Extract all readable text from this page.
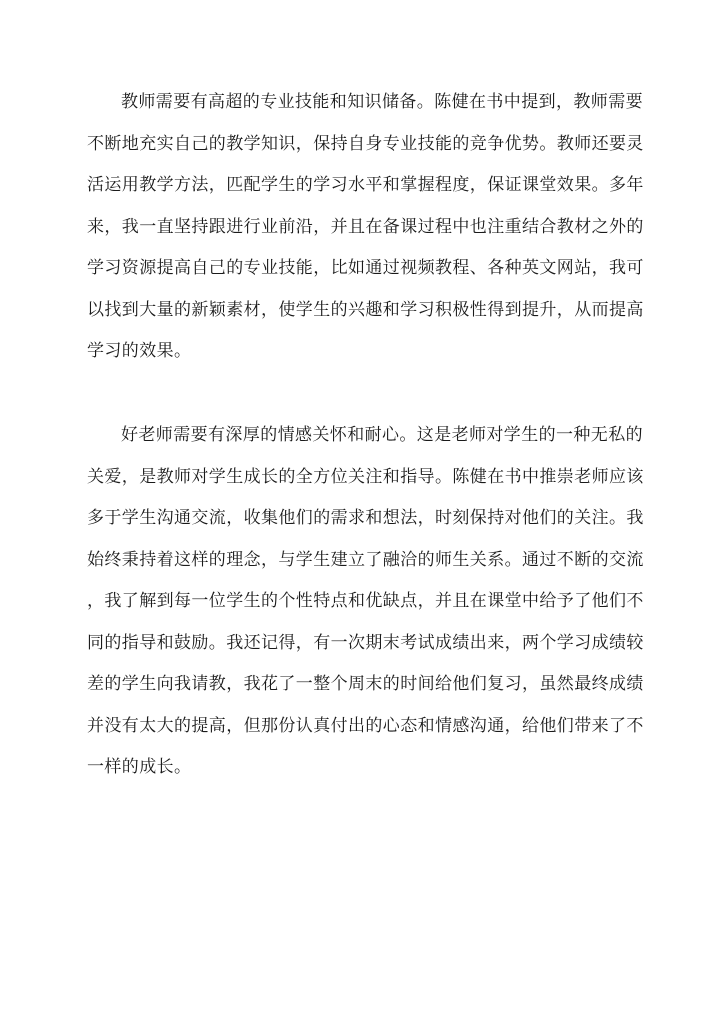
教师需要有高超的专业技能和知识储备。陈健在书中提到，教师需要
不断地充实自己的教学知识，保持自身专业技能的竞争优势。教师还要灵
活运用教学方法，匹配学生的学习水平和掌握程度，保证课堂效果。多年
来，我一直坚持跟进行业前沿，并且在备课过程中也注重结合教材之外的
学习资源提高自己的专业技能，比如通过视频教程、各种英文网站，我可
以找到大量的新颖素材，使学生的兴趣和学习积极性得到提升，从而提高
学习的效果。
好老师需要有深厚的情感关怀和耐心。这是老师对学生的一种无私的
关爱，是教师对学生成长的全方位关注和指导。陈健在书中推崇老师应该
多于学生沟通交流，收集他们的需求和想法，时刻保持对他们的关注。我
始终秉持着这样的理念，与学生建立了融洽的师生关系。通过不断的交流
，我了解到每一位学生的个性特点和优缺点，并且在课堂中给予了他们不
同的指导和鼓励。我还记得，有一次期末考试成绩出来，两个学习成绩较
差的学生向我请教，我花了一整个周末的时间给他们复习，虽然最终成绩
并没有太大的提高，但那份认真付出的心态和情感沟通，给他们带来了不
一样的成长。
